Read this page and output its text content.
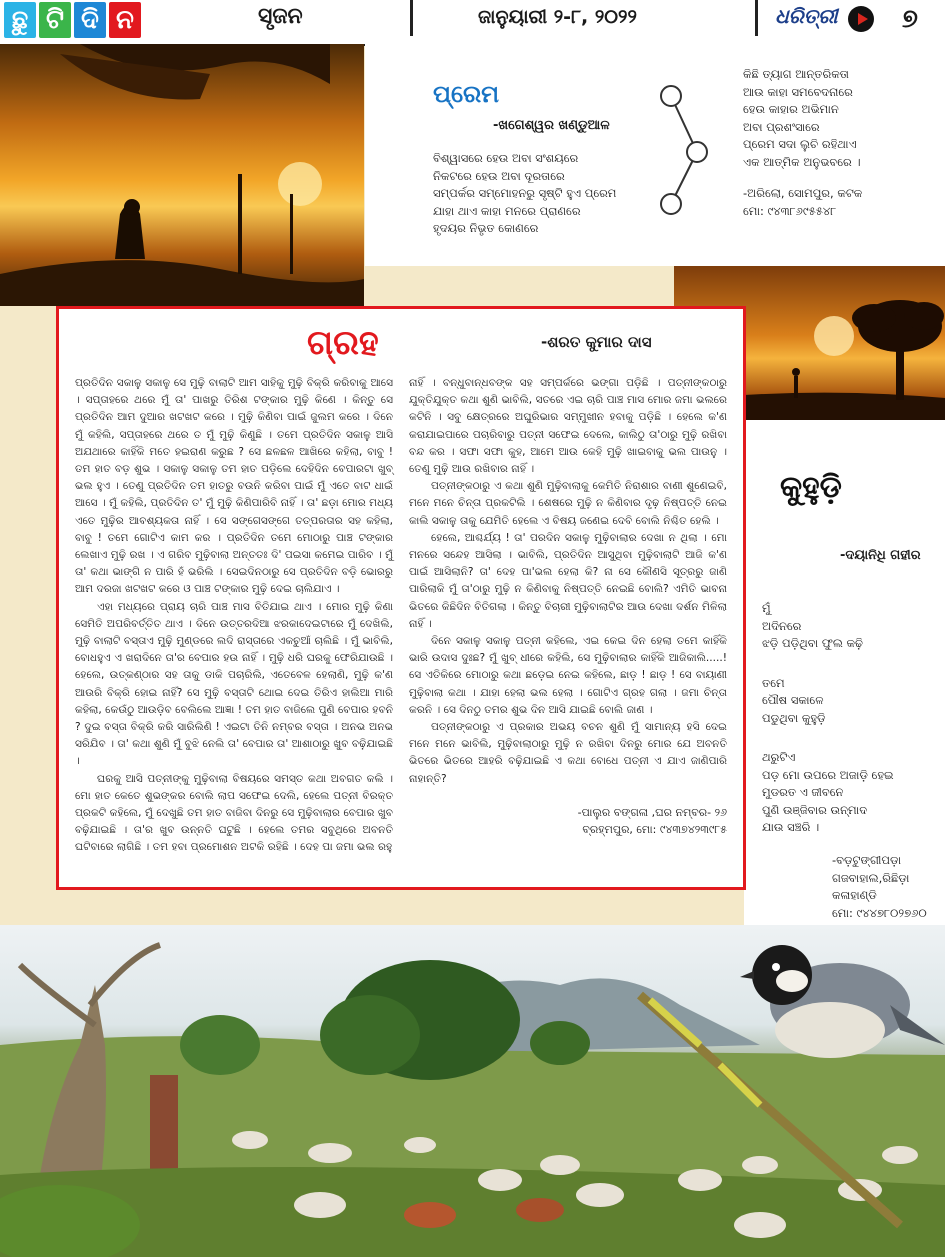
ଛୁ ଟି ଦି ନ	ସୃଜନ	ଜାନୁୟାରୀ ୨-୮, ୨୦୨୨	ଧରିତ୍ରୀ ୭
ପ୍ରେମ
-ଖଗେଶ୍ୱର ଖଣ୍ଡୁଆଳ
ବିଶ୍ୱାସରେ ହେଉ ଅବା ସଂଶୟରେ
ନିକଟରେ ହେଉ ଅବା ଦୂରତାରେ
ସମ୍ପର୍କର ସମ୍ମୋହନରୁ ସୃଷ୍ଟି ହୁଏ ପ୍ରେମ
ଯାହା ଥାଏ କାହା ମନରେ ପ୍ରାଣରେ
ହୃଦୟର ନିଭୃତ କୋଣରେ
କିଛି ତ୍ୟାଗ ଆନ୍ତରିକତା
ଆଉ କାହା ସମବେଦନାରେ
ହେଉ କାହାର ଅଭିମାନ
ଅବା ପ୍ରଶଂସାରେ
ପ୍ରେମ ସଦା ଲୁଚି ରହିଥାଏ
ଏକ ଆତ୍ମିକ ଅନୁଭବରେ ।
-ଅରିଲୋ, ସୋମପୁର, କଟକ
ମୋ: ୯୪୩୮୬୯୫୫୪୮
କୁହୁଡ଼ି
-ଦୟାନିଧି ଗହୀର
ମୁଁ
ଅଦିନରେ
ଝଡ଼ି ପଡ଼ିଥିବା ଫୁଲ କଢ଼ି
ତମେ
ପୌଷ ସକାଳେ
ପଡୁଥିବା କୁହୁଡ଼ି
ଥରୁଟିଏ
ପଡ଼ ମୋ ଉପରେ ଅଜାଡ଼ି ହେଇ
ମୁଡରତ ଏ ଜୀବନେ
ପୁଣି ଉଞ୍ଜିବାର ଉନ୍ମାଦ
ଯାଉ ସଞ୍ଚରି ।
-ବଡ଼ଟୁଙ୍ଗୀପଡ଼ା
ଗଜବାହାଲ,ରିଛିଡ଼ା
କଳାହାଣ୍ଡି
ମୋ: ୯୪୪୭୮୦୨୭୬୦
ଗ୍ରହ	-ଶରତ କୁମାର ଦାସ

ପ୍ରତିଦିନ ସକାଳୁ ସକାଳୁ ସେ ମୁଢ଼ି ବାଲାଟି ଆମ ସାହିକୁ ମୁଢ଼ି ବିକ୍ରି କରିବାକୁ ଆସେ । ସପ୍ତାହରେ ଥରେ ମୁଁ ତା' ପାଖରୁ ତିରିଶ ଟଙ୍କାର ମୁଢ଼ି କିଣେ । କିନ୍ତୁ ସେ ପ୍ରତିଦିନ ଆମ ଦୁଆର ଖଟଖଟ କରେ । ମୁଢ଼ି କିଣିବା ପାଇଁ ଜୁଲମ କରେ । ଦିନେ ମୁଁ କହିଲି, ସପ୍ତାହରେ ଥରେ ତ ମୁଁ ମୁଢ଼ି କିଣୁଛି । ତମେ ପ୍ରତିଦିନ ସକାଳୁ ଆସି ଅଯଥାରେ କାହିଁକି ମତେ ହଇରାଣ କରୁଛ ? ସେ ଛଳଛଳ ଆଖିରେ କହିଲା, ବାବୁ ! ତମ ହାତ ବଡ଼ ଶୁଭ । ସକାଳୁ ସକାଳୁ ତମ ହାତ ପଡ଼ିଲେ ଦେହିଦିନ ବେପାରଟା ଖୁବ୍ ଭଲ ହୁଏ । ତେଣୁ ପ୍ରତିଦିନ ତମ ହାତରୁ ବଉନି କରିବା ପାଇଁ ମୁଁ ଏତେ ବାଟ ଧାଇଁ ଆସେ । ମୁଁ କହିଲି, ପ୍ରତିଦିନ ତ' ମୁଁ ମୁଢ଼ି କିଣିପାରିବି ନାହିଁ । ତା' ଛଡ଼ା ମୋର ମଧ୍ୟ ଏତେ ମୁଢ଼ିର ଆବଶ୍ୟକତା ନାହିଁ । ସେ ସଙ୍ଗେସଙ୍ଗେ ତତ୍ପରତାର ସହ କହିଲା, ବାବୁ ! ତମେ ଗୋଟିଏ କାମ କର । ପ୍ରତିଦିନ ତମେ ମୋଠାରୁ ପାଞ୍ଚ ଟଙ୍କାର ଲେଖାଏ ମୁଢ଼ି ରଖ । ଏ ଗରିବ ମୁଢ଼ିବାଲା ଅନ୍ତତଃ ଦି' ପଇସା କମେଇ ପାରିବ । ମୁଁ ତା' କଥା ଭାଙ୍ଗି ନ ପାରି ହଁ ଭରିଲି । ସେଇଦିନଠାରୁ ସେ ପ୍ରତିଦିନ ବଡ଼ି ଭୋରରୁ ଆମ ଦରଜା ଖଟଖଟ କରେ ଓ ପାଞ୍ଚ ଟଙ୍କାର ମୁଢ଼ି ଦେଇ ଚାଲିଯାଏ ।

ଏହା ମଧ୍ୟରେ ପ୍ରାୟ ଚାରି ପାଞ୍ଚ ମାସ ବିତିଯାଇ ଥାଏ । ମୋର ମୁଢ଼ି କିଣା ସେମିତି ଅପରିବର୍ତ୍ତିତ ଥାଏ । ଦିନେ ଉତ୍ତରଦିଆ ଝରକାଦେଇଟାରେ ମୁଁ ଦେଖିଲି, ମୁଢ଼ି ବାଲାଟି ବସ୍ତାଏ ମୁଢ଼ି ମୁଣ୍ଡରେ ଲଦି ରାସ୍ତାରେ ଏକଚୁଆଁ ଚାଲିଛି । ମୁଁ ଭାବିଲି, ବୋଧହୁଏ ଏ ଖରାଦିନେ ତା'ର ବେପାର ହଉ ନାହିଁ । ମୁଢ଼ି ଧରି ଘରକୁ ଫେରିଯାଉଛି । ହେଲେ, ଉତ୍କଣ୍ଠାର ସହ ତାକୁ ଡାକି ପଚାରିଲି, ଏତେବେଳ ହେଲାଣି, ମୁଢ଼ି କ'ଣ ଆଉରି ବିକ୍ରି ହୋଇ ନାହିଁ? ସେ ମୁଢ଼ି ବସ୍ତାଟି ଥୋଇ ଦେଇ ତିରିଏ ହାଲିଆ ମାରି କହିଲା, କେଉଁଠୁ ଆଉଡ଼ିବ ବେଲିଲେ ଆଜ୍ଞା ! ତମ ହାତ ବାଜିଲେ ପୁଣି ବେପାର ହବନି ? ଦୁଇ ବସ୍ତା ବିକ୍ରି କରି ସାରିଲିଣି ! ଏଇଟା ତିନି ନମ୍ବର ବସ୍ତା । ଅନଭ ଅନଭ ସରିଯିବ । ତା' କଥା ଶୁଣି ମୁଁ ବୁଝି ନେଲି ତା' ବେପାର ତା' ଆଶାଠାରୁ ଖୁବ ବଢ଼ିଯାଇଛି ।

ଘରକୁ ଆସି ପତ୍ନୀଙ୍କୁ ମୁଢ଼ିବାଲା ବିଷୟରେ ସମସ୍ତ କଥା ଅବଗତ କଲି । ମୋ ହାତ କେତେ ଶୁଭଙ୍କର ବୋଲି ଲାପ ସଫେଇ ଦେଲି, ହେଲେ ପତ୍ନୀ ବିରକ୍ତ ପ୍ରକଟି କହିଲେ, ମୁଁ ଦେଖୁଛି ତମ ହାତ ବାଜିବା ଦିନରୁ ସେ ମୁଢ଼ିବାଲାର ବେପାର ଖୁବ ବଢ଼ିଯାଇଛି । ତା'ର ଖୁବ ଉନ୍ନତି ଘଟୁଛି । ହେଲେ ତମର ସବୁଥିରେ ଅବନତି ଘଟିବାରେ ଲାଗିଛି । ତମ ହବା ପ୍ରମୋଶନ ଅଟକି ରହିଛି । ଦେହ ପା ଜମା ଭଲ ରହୁ

ନାହିଁ । ବନ୍ଧୁବାନ୍ଧବଙ୍କ ସହ ସମ୍ପର୍କରେ ଭଙ୍ଗା ପଡ଼ିଛି । ପତ୍ନୀଙ୍କଠାରୁ ଯୁକ୍ତିଯୁକ୍ତ କଥା ଶୁଣି ଭାବିଲି, ସତରେ ଏଇ ଚାରି ପାଞ୍ଚ ମାସ ମୋର ଜମା ଭଲରେ କଟିନି । ସବୁ କ୍ଷେତ୍ରରେ ଅଘୁରିଭାର ସମ୍ମୁଖୀନ ହବାକୁ ପଡ଼ିଛି । ହେଲେ କ'ଣ କରାଯାଇପାରେ ପଚାରିବାରୁ ପତ୍ନୀ ସଫେଇ ଦେଲେ, କାଲିଠୁ ତା'ଠାରୁ ମୁଢ଼ି ରଖିବା ବନ୍ଦ କର । ସଫା ସଫା କୁହ, ଆମେ ଆଉ କେହି ମୁଢ଼ି ଖାଇବାକୁ ଭଲ ପାଉନୁ । ତେଣୁ ମୁଢ଼ି ଆଉ ରଖିବାର ନାହିଁ ।

ପତ୍ନୀଙ୍କଠାରୁ ଏ କଥା ଶୁଣି ମୁଢ଼ିବାଲାକୁ କେମିତି ନିରାଶାର ବାଣୀ ଶୁଣେଇବି, ମନେ ମନେ ଚିନ୍ତା ପ୍ରକଟିଲି । ଶେଷରେ ମୁଢ଼ି ନ କିଣିବାର ଦୃଢ଼ ନିଷ୍ପତ୍ତି ନେଇ କାଲି ସକାଳୁ ତାକୁ ଯେମିତି ହେଲେ ଏ ବିଷୟ ଜଣେଇ ଦେବି ବୋଲି ନିଶ୍ଚିତ ହେଲି ।

ହେଲେ, ଆଶ୍ଚର୍ଯ୍ୟ ! ତା' ପରଦିନ ସକାଳୁ ମୁଢ଼ିବାଲାର ଦେଖା ନ ଥିଲା । ମୋ ମନରେ ସନ୍ଦେହ ଆସିଲା । ଭାବିଲି, ପ୍ରତିଦିନ ଆସୁଥିବା ମୁଢ଼ିବାଲାଟି ଆଜି କ'ଣ ପାଇଁ ଆସିଲାନି? ତା' ଦେହ ପା'ଭଲ ହେଲା କି? ନା ସେ କୌଣସି ସୂତ୍ରରୁ ଜାଣି ପାରିଲାକି ମୁଁ ତା'ଠାରୁ ମୁଢ଼ି ନ କିଣିବାକୁ ନିଷ୍ପତ୍ତି ନେଇଛି ବୋଲି? ଏମିତି ଭାବନା ଭିତରେ କିଛିଦିନ ବିତିଗଲା । କିନ୍ତୁ ବିଚାରୀ ମୁଢ଼ିବାଲାଟିର ଆଉ ଦେଖା ଦର୍ଶନ ମିଳିଲା ନାହିଁ ।

ଦିନେ ସକାଳୁ ସକାଳୁ ପତ୍ନୀ କହିଲେ, ଏଇ କେଇ ଦିନ ହେଲା ତମେ କାହିଁକି ଭାରି ଉଦାସ ଦୁଃଛ? ମୁଁ ଖୁବ୍ ଧୀରେ କହିଲି, ସେ ମୁଢ଼ିବାଲାର କାହିଁକି ଆଜିକାଲି.....! ସେ ଏତିକିରେ ମୋଠାରୁ କଥା ଛଡ଼େଇ ନେଇ କହିଲେ, ଛାଡ଼ ! ଛାଡ଼ ! ସେ ବାୟାଣୀ ମୁଢ଼ିବାଲା କଥା । ଯାହା ହେଲା ଭଲ ହେଲା । ଗୋଟିଏ ଗ୍ରହ ଗଲା । ଜମା ଚିନ୍ତା କରନି । ସେ ଦିନଠୁ ତମର ଶୁଭ ଦିନ ଆସି ଯାଇଛି ବୋଲି ଜାଣ ।

ପତ୍ନୀଙ୍କଠାରୁ ଏ ପ୍ରକାର ଅଭୟ ବଚନ ଶୁଣି ମୁଁ ସାମାନ୍ୟ ହସି ଦେଇ ମନେ ମନେ ଭାବିଲି, ମୁଢ଼ିବାଲାଠାରୁ ମୁଢ଼ି ନ ରଖିବା ଦିନରୁ ମୋର ଯେ ଅବନତି ଭିତରେ ଭିତରେ ଆହରି ବଢ଼ିଯାଇଛି ଏ କଥା ବୋଧେ ପତ୍ନୀ ଏ ଯାଏ ଜାଣିପାରି ନାହାନ୍ତି?

-ପାଲୁର ବଙ୍ଗଳା ,ଘର ନମ୍ବର- ୨୬
ବ୍ରହ୍ମପୁର, ମୋ: ୯୪୩୭୪୨୩୯୮୫
